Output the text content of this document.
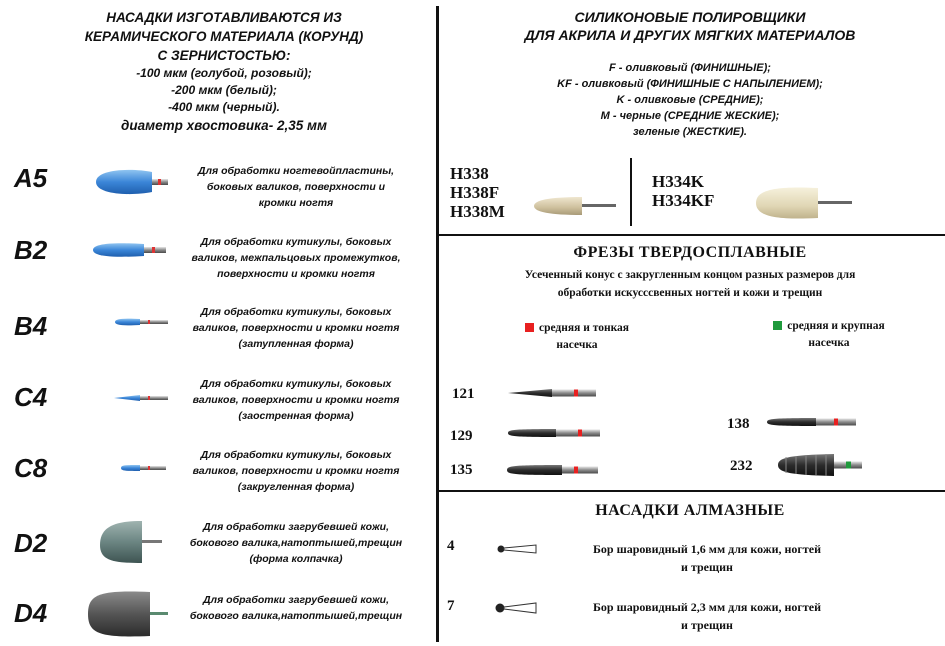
НАСАДКИ ИЗГОТАВЛИВАЮТСЯ ИЗ
КЕРАМИЧЕСКОГО МАТЕРИАЛА (КОРУНД)
С ЗЕРНИСТОСТЬЮ:
-100 мкм (голубой, розовый);
-200 мкм (белый);
-400 мкм (черный).
диаметр хвостовика- 2,35 мм
A5	Для обработки ногтевойпластины,
боковых валиков, поверхности и
кромки ногтя
B2	Для обработки кутикулы, боковых
валиков, межпальцовых промежутков,
поверхности и кромки ногтя
B4	Для обработки кутикулы, боковых
валиков, поверхности и кромки ногтя
(затупленная форма)
C4	Для обработки кутикулы, боковых
валиков, поверхности и кромки ногтя
(заостренная форма)
C8	Для обработки кутикулы, боковых
валиков, поверхности и кромки ногтя
(закругленная форма)
D2
Для обработки загрубевшей кожи,
бокового валика,натоптышей,трещин
(форма колпачка)
D4	Для обработки загрубевшей кожи,
бокового валика,натоптышей,трещин
СИЛИКОНОВЫЕ ПОЛИРОВЩИКИ
ДЛЯ АКРИЛА И ДРУГИХ МЯГКИХ МАТЕРИАЛОВ
F - оливковый (ФИНИШНЫЕ);
KF - оливковый (ФИНИШНЫЕ С НАПЫЛЕНИЕМ);
K - оливковые (СРЕДНИЕ);
M - черные (СРЕДНИЕ ЖЕСКИЕ);
зеленые (ЖЕСТКИЕ).
H338
H338F
H338M
H334K
H334KF
ФРЕЗЫ ТВЕРДОСПЛАВНЫЕ
Усеченный конус с закругленным концом разных размеров для
обработки искусссвенных ногтей и кожи и трещин
средняя и тонкая
насечка
средняя и крупная
насечка
121
129
135
138
232
НАСАДКИ АЛМАЗНЫЕ
4	Бор шаровидный 1,6 мм для кожи, ногтей
и трещин
7	Бор шаровидный 2,3 мм для кожи, ногтей
и трещин
